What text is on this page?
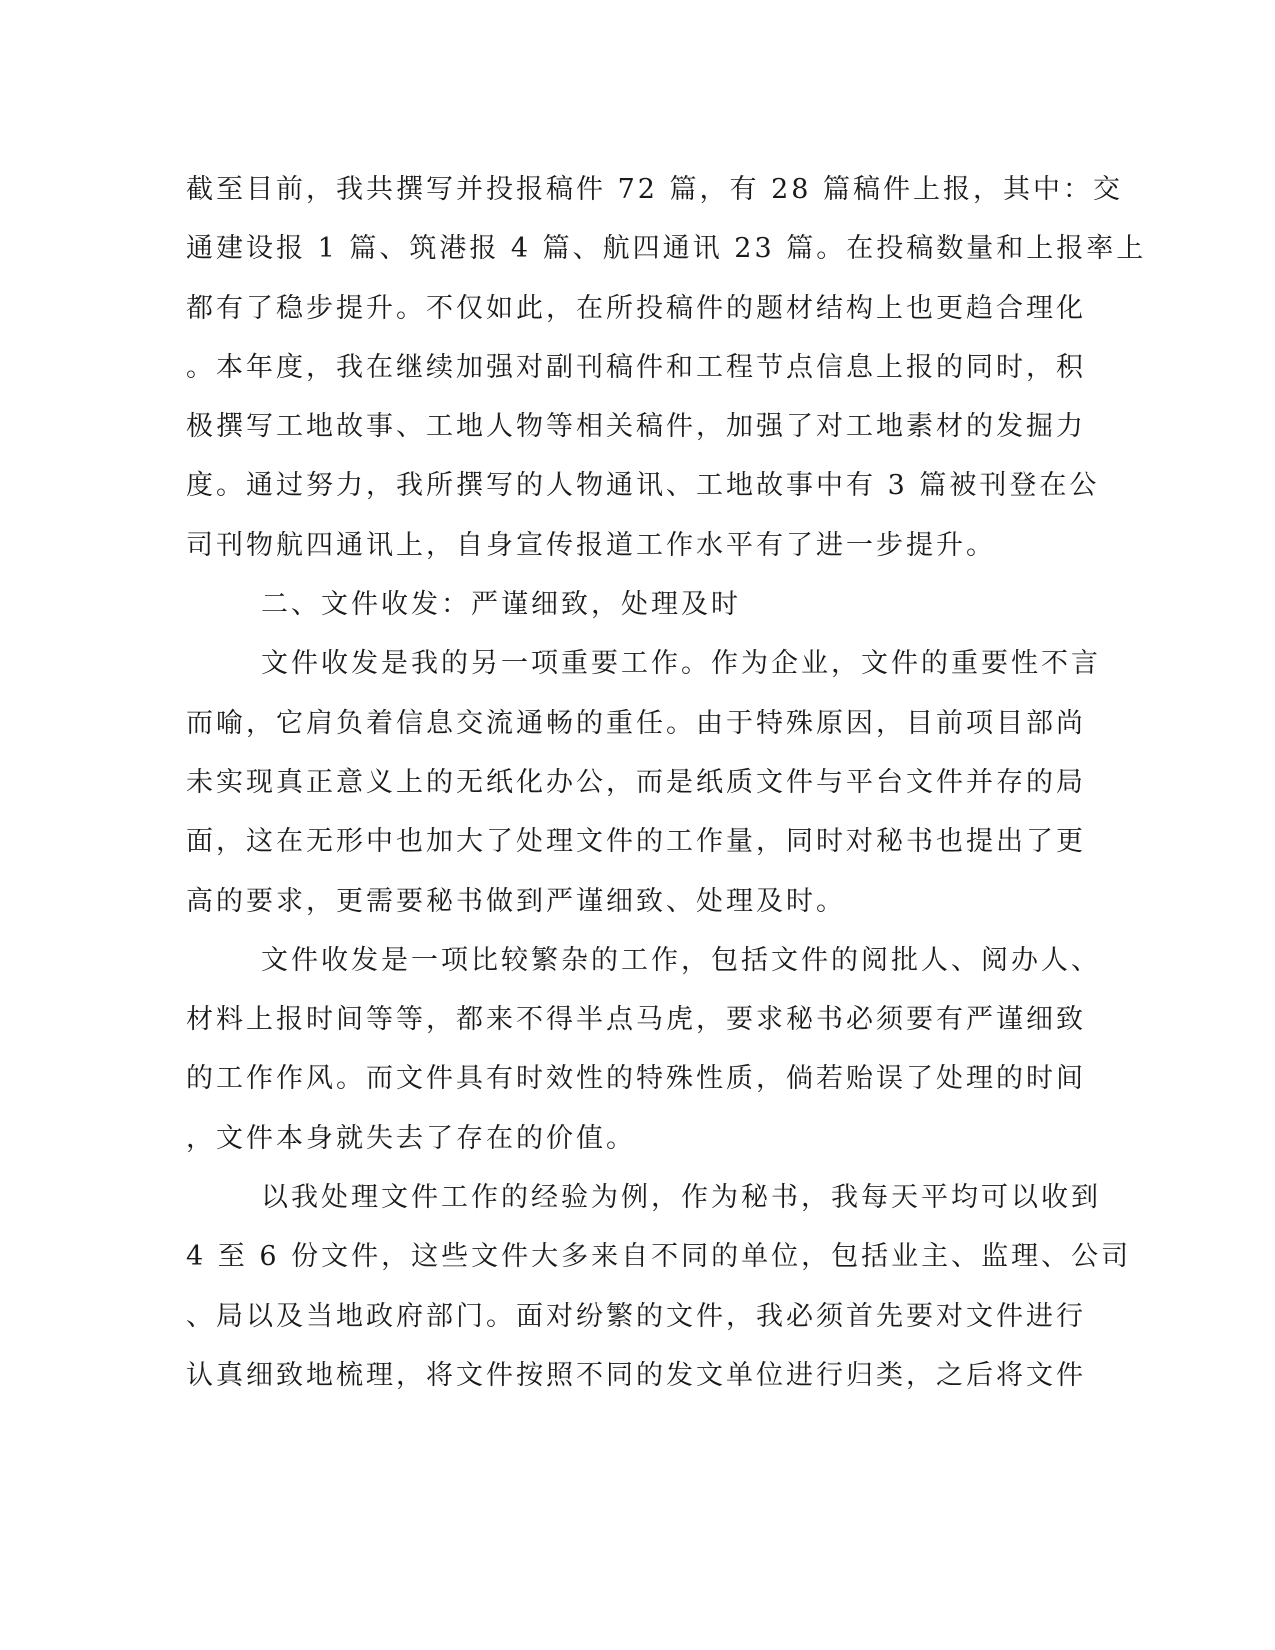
截至目前，我共撰写并投报稿件 72 篇，有 28 篇稿件上报，其中：交
通建设报 1 篇、筑港报 4 篇、航四通讯 23 篇。在投稿数量和上报率上
都有了稳步提升。不仅如此，在所投稿件的题材结构上也更趋合理化
。本年度，我在继续加强对副刊稿件和工程节点信息上报的同时，积
极撰写工地故事、工地人物等相关稿件，加强了对工地素材的发掘力
度。通过努力，我所撰写的人物通讯、工地故事中有 3 篇被刊登在公
司刊物航四通讯上，自身宣传报道工作水平有了进一步提升。
二、文件收发：严谨细致，处理及时
文件收发是我的另一项重要工作。作为企业，文件的重要性不言
而喻，它肩负着信息交流通畅的重任。由于特殊原因，目前项目部尚
未实现真正意义上的无纸化办公，而是纸质文件与平台文件并存的局
面，这在无形中也加大了处理文件的工作量，同时对秘书也提出了更
高的要求，更需要秘书做到严谨细致、处理及时。
文件收发是一项比较繁杂的工作，包括文件的阅批人、阅办人、
材料上报时间等等，都来不得半点马虎，要求秘书必须要有严谨细致
的工作作风。而文件具有时效性的特殊性质，倘若贻误了处理的时间
，文件本身就失去了存在的价值。
以我处理文件工作的经验为例，作为秘书，我每天平均可以收到
4 至 6 份文件，这些文件大多来自不同的单位，包括业主、监理、公司
、局以及当地政府部门。面对纷繁的文件，我必须首先要对文件进行
认真细致地梳理，将文件按照不同的发文单位进行归类，之后将文件
